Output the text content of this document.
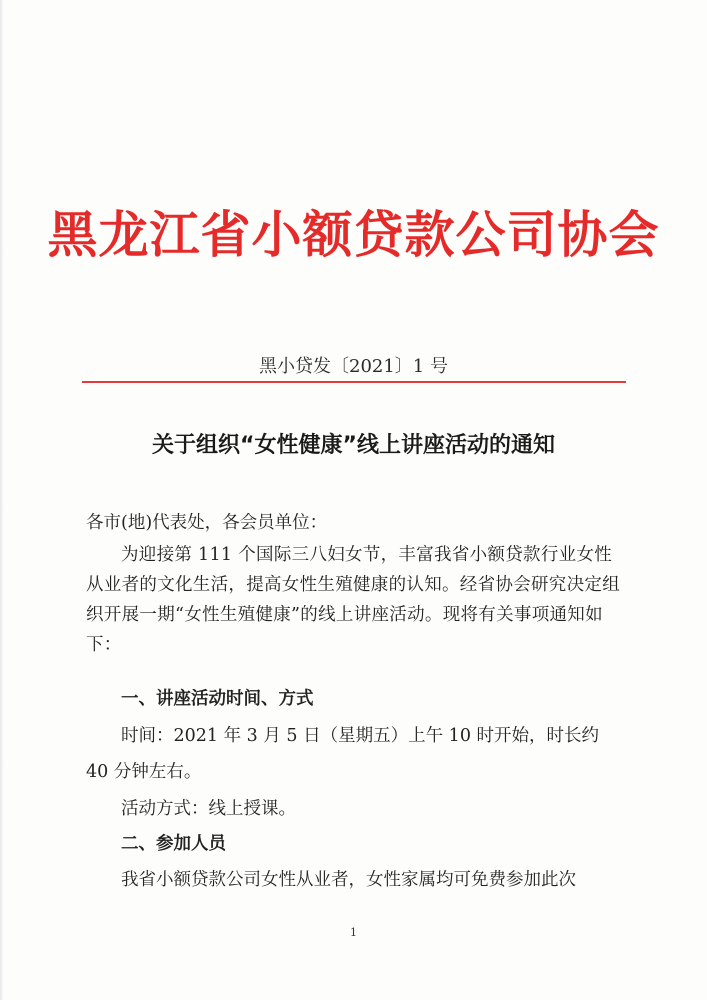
黑龙江省小额贷款公司协会
黑小贷发〔2021〕1 号
关于组织“女性健康”线上讲座活动的通知
各市(地)代表处，各会员单位：
为迎接第 111 个国际三八妇女节，丰富我省小额贷款行业女性从业者的文化生活，提高女性生殖健康的认知。经省协会研究决定组织开展一期“女性生殖健康”的线上讲座活动。现将有关事项通知如下：
一、讲座活动时间、方式
时间：2021 年 3 月 5 日（星期五）上午 10 时开始，时长约
40 分钟左右。
活动方式：线上授课。
二、参加人员
我省小额贷款公司女性从业者，女性家属均可免费参加此次
1
